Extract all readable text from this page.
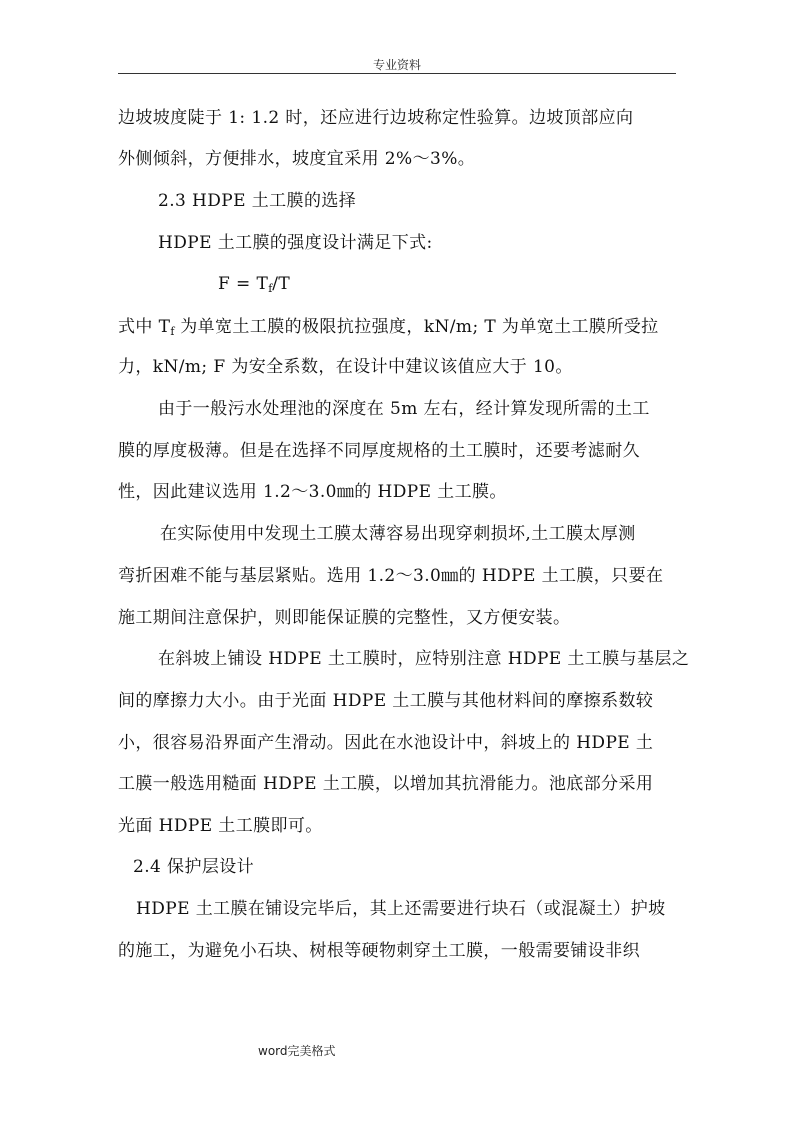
专业资料
边坡坡度陡于 1: 1.2 时，还应进行边坡称定性验算。边坡顶部应向
外侧倾斜，方便排水，坡度宜采用 2%～3%。
2.3 HDPE 土工膜的选择
HDPE 土工膜的强度设计满足下式:
$F = T_f/T$
式中 $T_f$ 为单宽土工膜的极限抗拉强度，kN/m; T 为单宽土工膜所受拉
力，kN/m; F 为安全系数，在设计中建议该值应大于 10。
由于一般污水处理池的深度在 5m 左右，经计算发现所需的土工
膜的厚度极薄。但是在选择不同厚度规格的土工膜时，还要考滤耐久
性，因此建议选用 1.2～3.0㎜的 HDPE 土工膜。
在实际使用中发现土工膜太薄容易出现穿刺损坏,土工膜太厚测
弯折困难不能与基层紧贴。选用 1.2～3.0㎜的 HDPE 土工膜，只要在
施工期间注意保护，则即能保证膜的完整性，又方便安装。
在斜坡上铺设 HDPE 土工膜时，应特别注意 HDPE 土工膜与基层之
间的摩擦力大小。由于光面 HDPE 土工膜与其他材料间的摩擦系数较
小，很容易沿界面产生滑动。因此在水池设计中，斜坡上的 HDPE 土
工膜一般选用糙面 HDPE 土工膜，以增加其抗滑能力。池底部分采用
光面 HDPE 土工膜即可。
2.4 保护层设计
HDPE 土工膜在铺设完毕后，其上还需要进行块石（或混凝土）护坡
的施工，为避免小石块、树根等硬物刺穿土工膜，一般需要铺设非织
word完美格式
